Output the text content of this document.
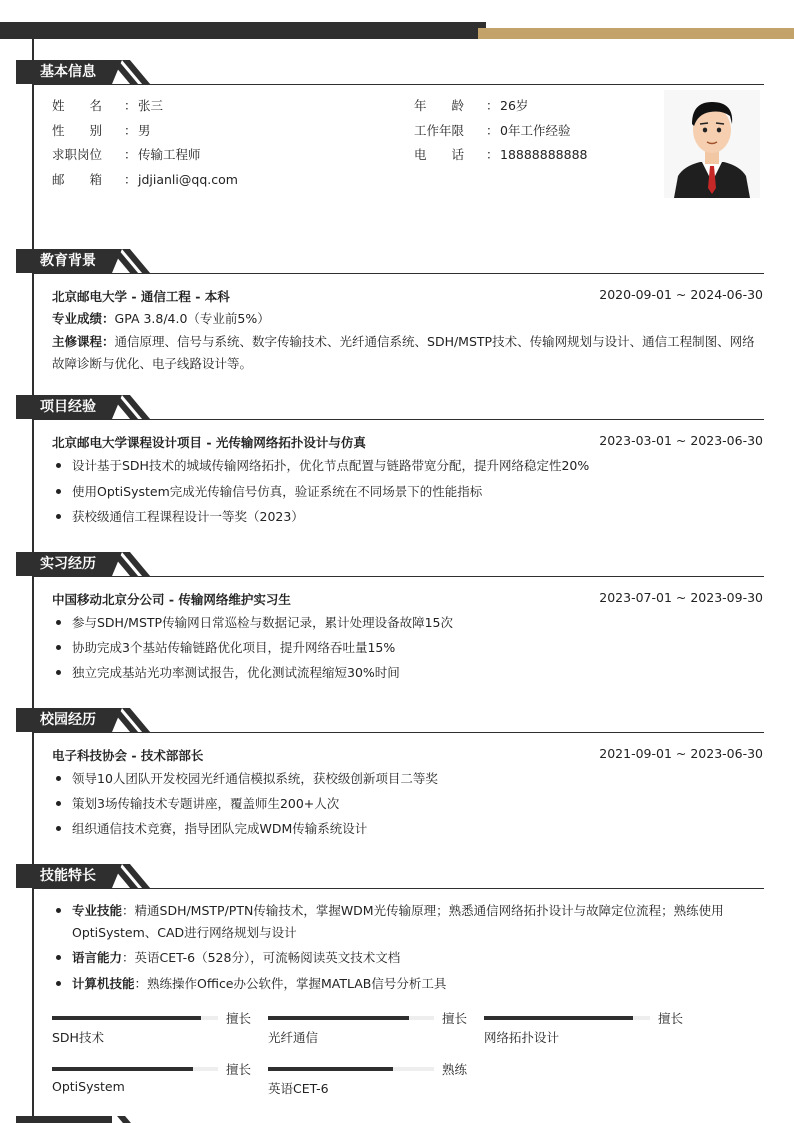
基本信息
姓　　名 ：张三	年　　龄 ：26岁
性　　别 ：男	工作年限 ：0年工作经验
求职岗位 ：传输工程师	电　　话 ：18888888888
邮　　箱 ：jdjianli@qq.com
教育背景
北京邮电大学 - 通信工程 - 本科	2020-09-01 ~ 2024-06-30
专业成绩：GPA 3.8/4.0（专业前5%）
主修课程：通信原理、信号与系统、数字传输技术、光纤通信系统、SDH/MSTP技术、传输网规划与设计、通信工程制图、网络故障诊断与优化、电子线路设计等。
项目经验
北京邮电大学课程设计项目 - 光传输网络拓扑设计与仿真	2023-03-01 ~ 2023-06-30
设计基于SDH技术的城域传输网络拓扑，优化节点配置与链路带宽分配，提升网络稳定性20%
使用OptiSystem完成光传输信号仿真，验证系统在不同场景下的性能指标
获校级通信工程课程设计一等奖（2023）
实习经历
中国移动北京分公司 - 传输网络维护实习生	2023-07-01 ~ 2023-09-30
参与SDH/MSTP传输网日常巡检与数据记录，累计处理设备故障15次
协助完成3个基站传输链路优化项目，提升网络吞吐量15%
独立完成基站光功率测试报告，优化测试流程缩短30%时间
校园经历
电子科技协会 - 技术部部长	2021-09-01 ~ 2023-06-30
领导10人团队开发校园光纤通信模拟系统，获校级创新项目二等奖
策划3场传输技术专题讲座，覆盖师生200+人次
组织通信技术竞赛，指导团队完成WDM传输系统设计
技能特长
专业技能：精通SDH/MSTP/PTN传输技术，掌握WDM光传输原理；熟悉通信网络拓扑设计与故障定位流程；熟练使用OptiSystem、CAD进行网络规划与设计
语言能力：英语CET-6（528分），可流畅阅读英文技术文档
计算机技能：熟练操作Office办公软件，掌握MATLAB信号分析工具
擅长
SDH技术
擅长
光纤通信
擅长
网络拓扑设计
擅长
OptiSystem
熟练
英语CET-6
